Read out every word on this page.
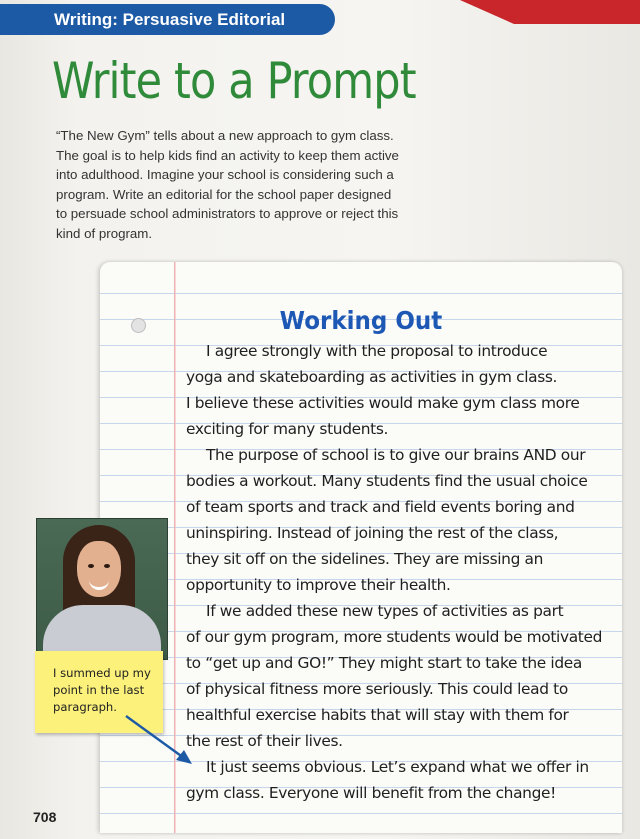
Writing: Persuasive Editorial
Write to a Prompt
“The New Gym” tells about a new approach to gym class.
The goal is to help kids find an activity to keep them active
into adulthood. Imagine your school is considering such a
program. Write an editorial for the school paper designed
to persuade school administrators to approve or reject this
kind of program.
Working Out
I agree strongly with the proposal to introduce
yoga and skateboarding as activities in gym class.
I believe these activities would make gym class more
exciting for many students.
The purpose of school is to give our brains AND our
bodies a workout. Many students find the usual choice
of team sports and track and field events boring and
uninspiring. Instead of joining the rest of the class,
they sit off on the sidelines. They are missing an
opportunity to improve their health.
If we added these new types of activities as part
of our gym program, more students would be motivated
to “get up and GO!” They might start to take the idea
of physical fitness more seriously. This could lead to
healthful exercise habits that will stay with them for
the rest of their lives.
It just seems obvious. Let’s expand what we offer in
gym class. Everyone will benefit from the change!
I summed up my
point in the last
paragraph.
708
